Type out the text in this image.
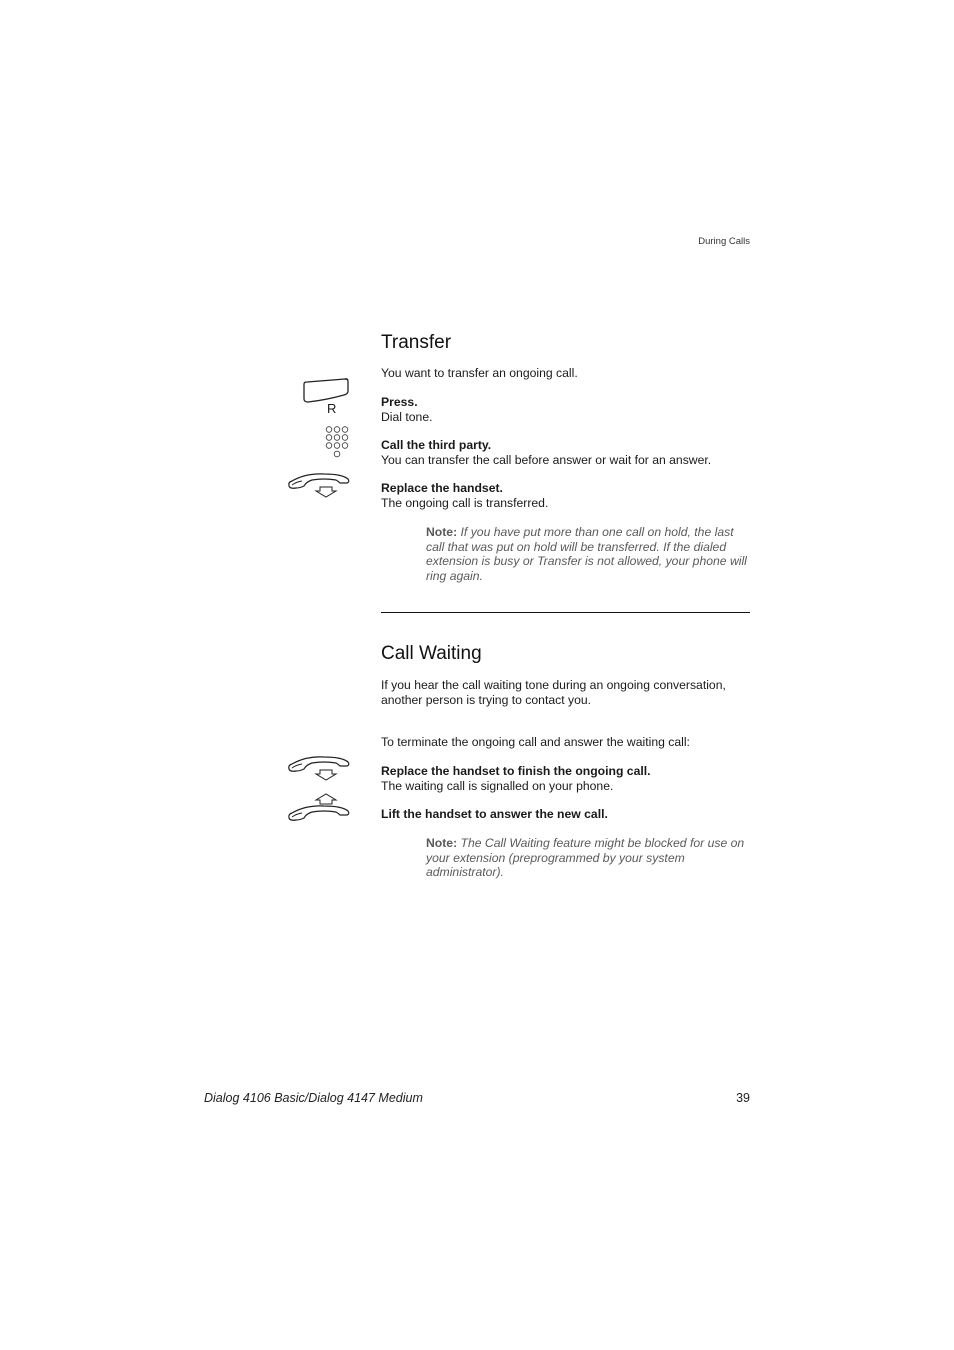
During Calls
Transfer
You want to transfer an ongoing call.
R	Press.
Dial tone.
Call the third party.
You can transfer the call before answer or wait for an answer.
Replace the handset.
The ongoing call is transferred.
Note: If you have put more than one call on hold, the last call that was put on hold will be transferred. If the dialed extension is busy or Transfer is not allowed, your phone will ring again.
Call Waiting
If you hear the call waiting tone during an ongoing conversation, another person is trying to contact you.
To terminate the ongoing call and answer the waiting call:
Replace the handset to finish the ongoing call.
The waiting call is signalled on your phone.
Lift the handset to answer the new call.
Note: The Call Waiting feature might be blocked for use on your extension (preprogrammed by your system administrator).
Dialog 4106 Basic/Dialog 4147 Medium	39
